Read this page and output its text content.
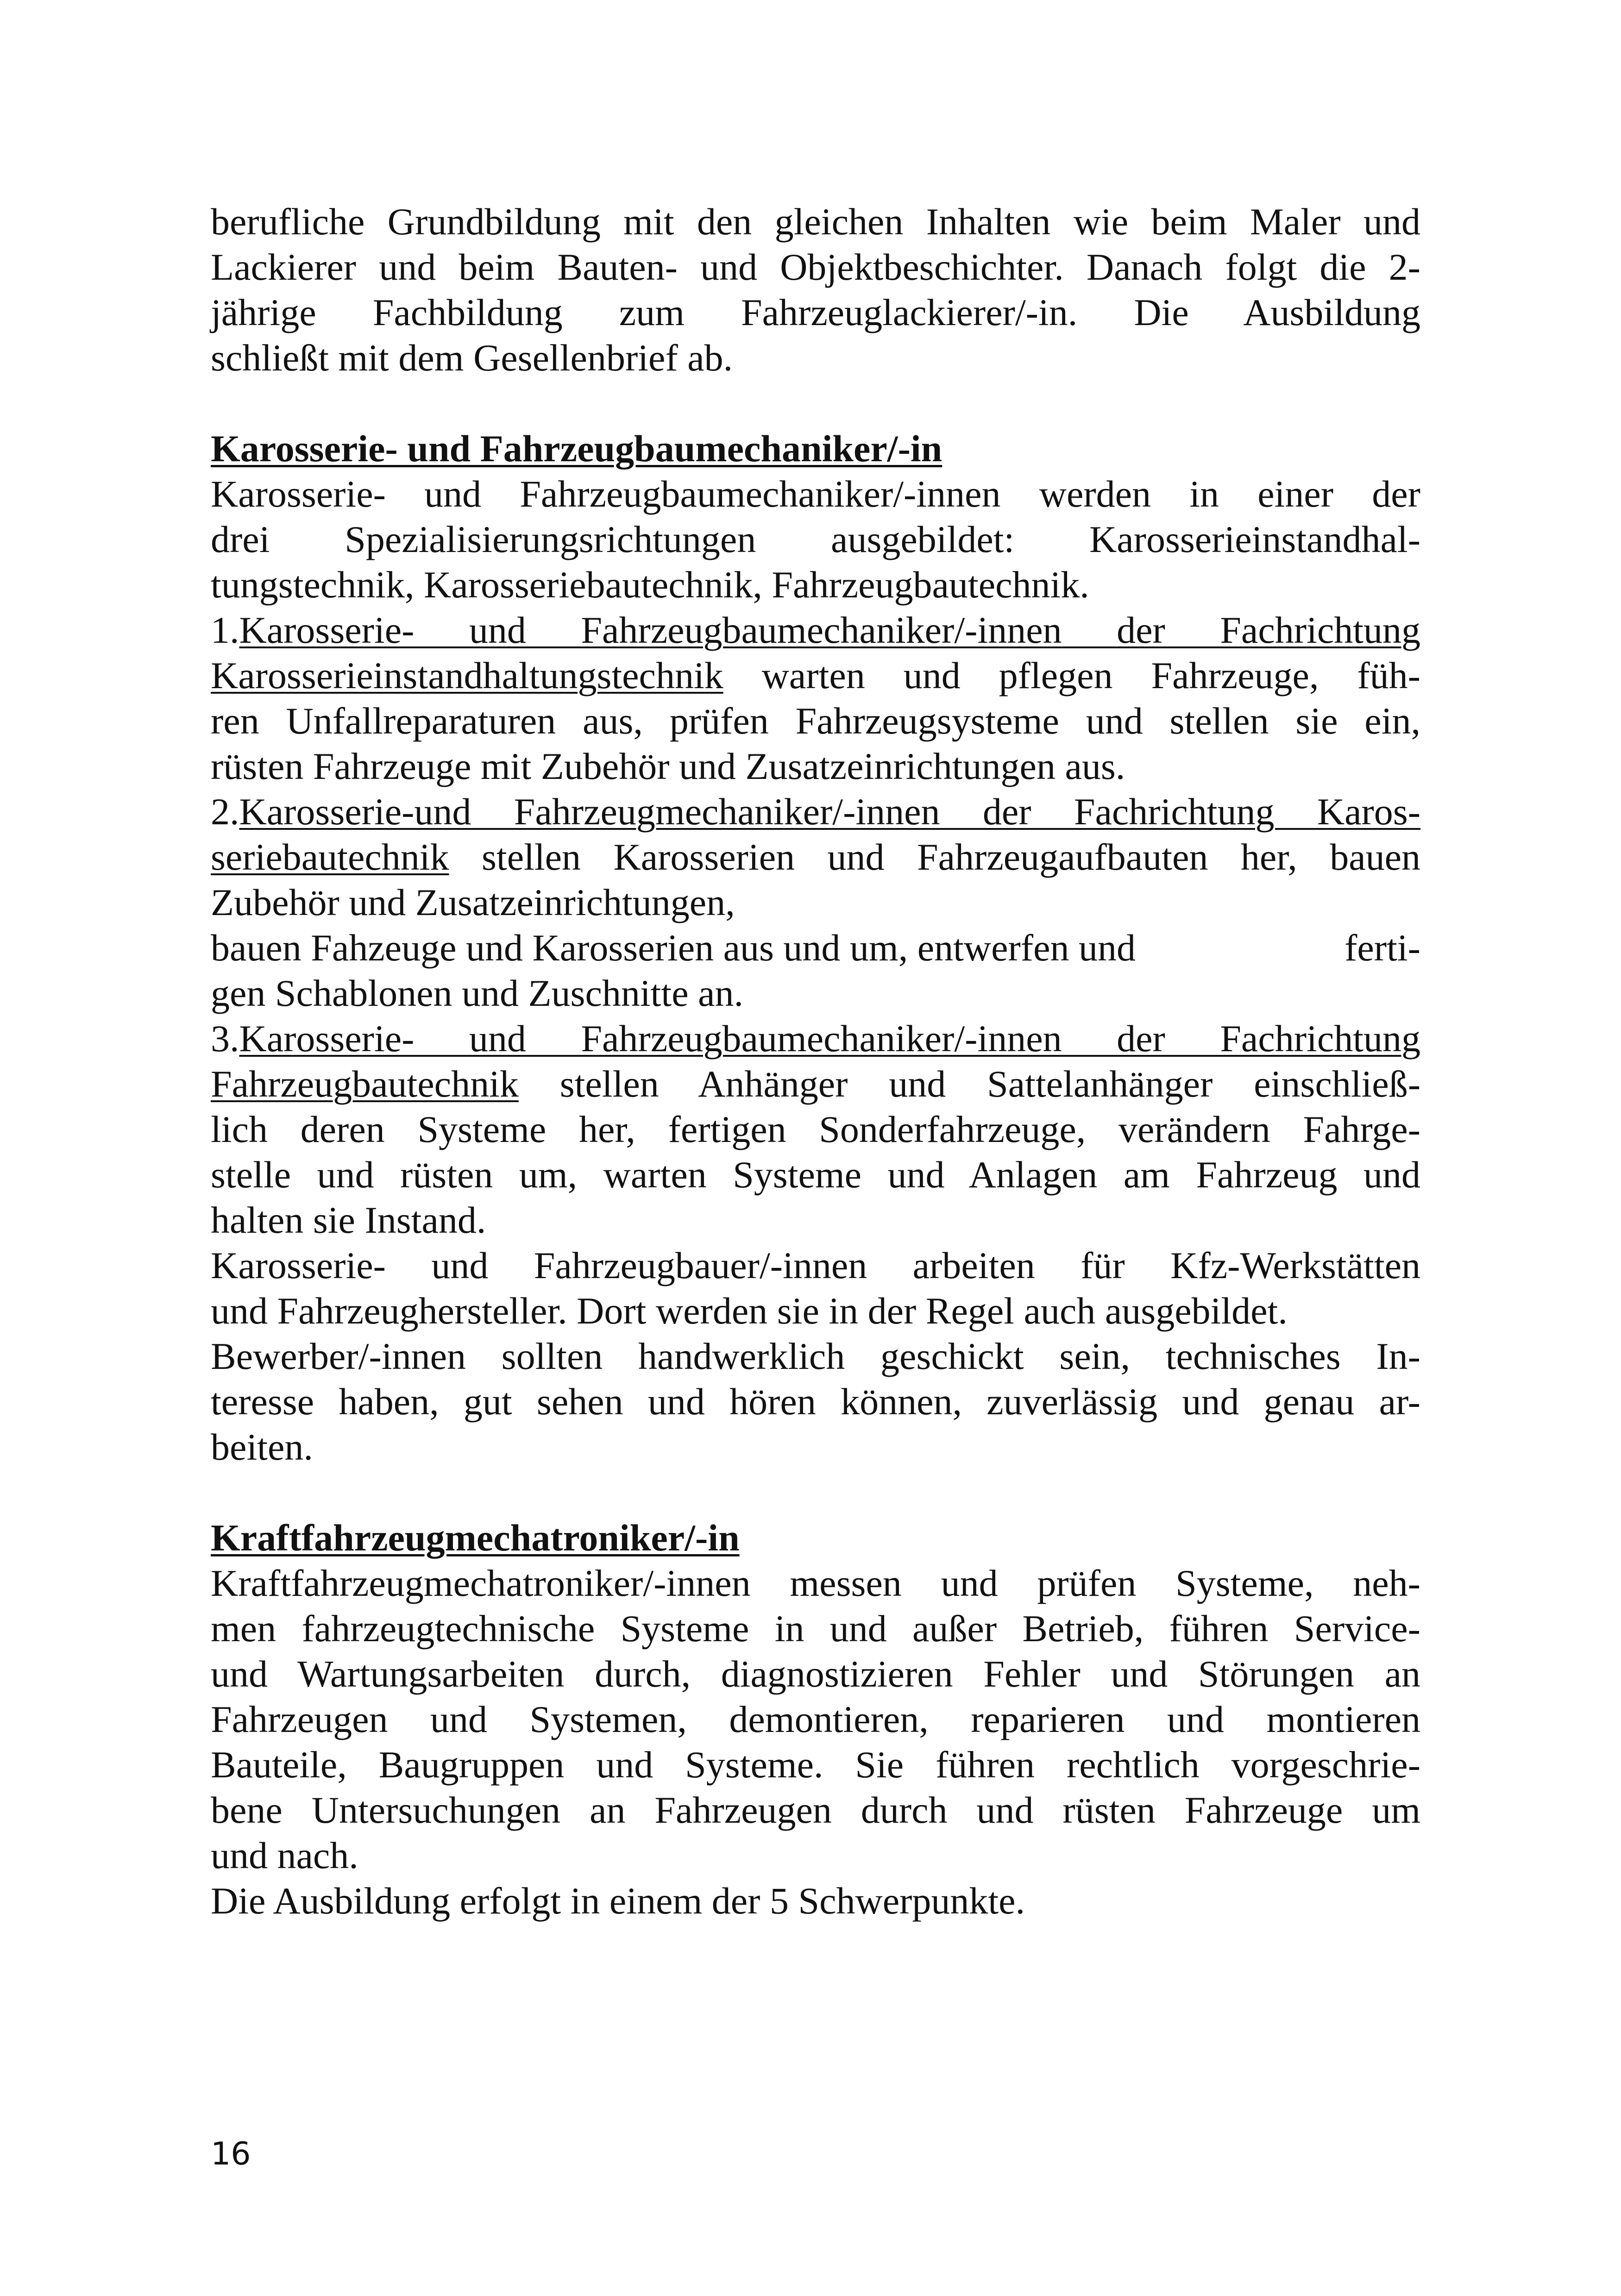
berufliche Grundbildung mit den gleichen Inhalten wie beim Maler und
Lackierer und beim Bauten- und Objektbeschichter. Danach folgt die 2-
jährige Fachbildung zum Fahrzeuglackierer/-in. Die Ausbildung
schließt mit dem Gesellenbrief ab.
Karosserie- und Fahrzeugbaumechaniker/-in
Karosserie- und Fahrzeugbaumechaniker/-innen werden in einer der
drei Spezialisierungsrichtungen ausgebildet: Karosserieinstandhal-
tungstechnik, Karosseriebautechnik, Fahrzeugbautechnik.
1.Karosserie- und Fahrzeugbaumechaniker/-innen der Fachrichtung
Karosserieinstandhaltungstechnik warten und pflegen Fahrzeuge, füh-
ren Unfallreparaturen aus, prüfen Fahrzeugsysteme und stellen sie ein,
rüsten Fahrzeuge mit Zubehör und Zusatzeinrichtungen aus.
2.Karosserie-und Fahrzeugmechaniker/-innen der Fachrichtung Karos-
seriebautechnik stellen Karosserien und Fahrzeugaufbauten her, bauen
Zubehör und Zusatzeinrichtungen,
bauen Fahzeuge und Karosserien aus und um, entwerfen und	ferti-
gen Schablonen und Zuschnitte an.
3.Karosserie- und Fahrzeugbaumechaniker/-innen der Fachrichtung
Fahrzeugbautechnik stellen Anhänger und Sattelanhänger einschließ-
lich deren Systeme her, fertigen Sonderfahrzeuge, verändern Fahrge-
stelle und rüsten um, warten Systeme und Anlagen am Fahrzeug und
halten sie Instand.
Karosserie- und Fahrzeugbauer/-innen arbeiten für Kfz-Werkstätten
und Fahrzeughersteller. Dort werden sie in der Regel auch ausgebildet.
Bewerber/-innen sollten handwerklich geschickt sein, technisches In-
teresse haben, gut sehen und hören können, zuverlässig und genau ar-
beiten.
Kraftfahrzeugmechatroniker/-in
Kraftfahrzeugmechatroniker/-innen messen und prüfen Systeme, neh-
men fahrzeugtechnische Systeme in und außer Betrieb, führen Service-
und Wartungsarbeiten durch, diagnostizieren Fehler und Störungen an
Fahrzeugen und Systemen, demontieren, reparieren und montieren
Bauteile, Baugruppen und Systeme. Sie führen rechtlich vorgeschrie-
bene Untersuchungen an Fahrzeugen durch und rüsten Fahrzeuge um
und nach.
Die Ausbildung erfolgt in einem der 5 Schwerpunkte.
16
